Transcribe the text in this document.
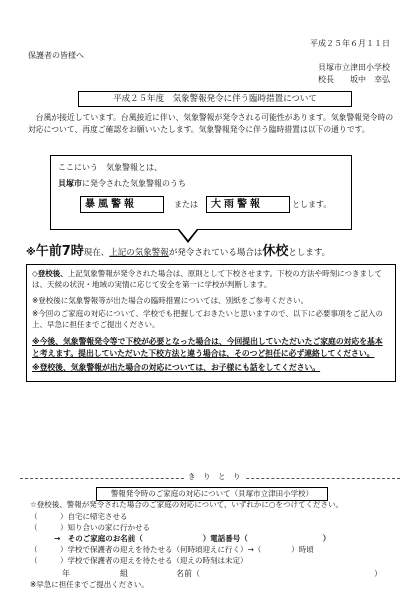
平成２５年６月１１日
保護者の皆様へ
貝塚市立津田小学校
校長　　坂中　幸弘
平成２５年度　気象警報発令に伴う臨時措置について
台風が接近しています。台風接近に伴い、気象警報が発令される可能性があります。気象警報発令時の対応について、再度ご確認をお願いいたします。気象警報発令に伴う臨時措置は以下の通りです。
ここにいう　気象警報とは、
貝塚市に発令された気象警報のうち
暴風警報	または	大雨警報	とします。
※午前7時現在、上記の気象警報が発令されている場合は休校とします。
◇登校後、上記気象警報が発令された場合は、原則として下校させます。下校の方法や時刻につきましては、天候の状況・地域の実情に応じて安全を第一に学校が判断します。
※登校後に気象警報等が出た場合の臨時措置については、別紙をご参考ください。
※今回のご家庭の対応について、学校でも把握しておきたいと思いますので、以下に必要事項をご記入の上、早急に担任までご提出ください。
※今後、気象警報発令等で下校が必要となった場合は、今回提出していただいたご家庭の対応を基本と考えます。提出していただいた下校方法と違う場合は、そのつど担任に必ず連絡してください。
※登校後、気象警報が出た場合の対応については、お子様にも話をしてください。
き　り　と　り
警報発令時のご家庭の対応について（貝塚市立津田小学校）
☆登校後、警報が発令された場合のご家庭の対応について、いずれかに○をつけてください。
（　　　）自宅に帰宅させる
（　　　）知り合いの家に行かせる
→　そのご家庭のお名前（　　　　　　　　）電話番号（　　　　　　　　　　）
（　　　）学校で保護者の迎えを待たせる（何時頃迎えに行く）→（　　　　）時頃
（　　　）学校で保護者の迎えを待たせる（迎えの時刻は未定）
年	組	名前（	）
※早急に担任までご提出ください。
